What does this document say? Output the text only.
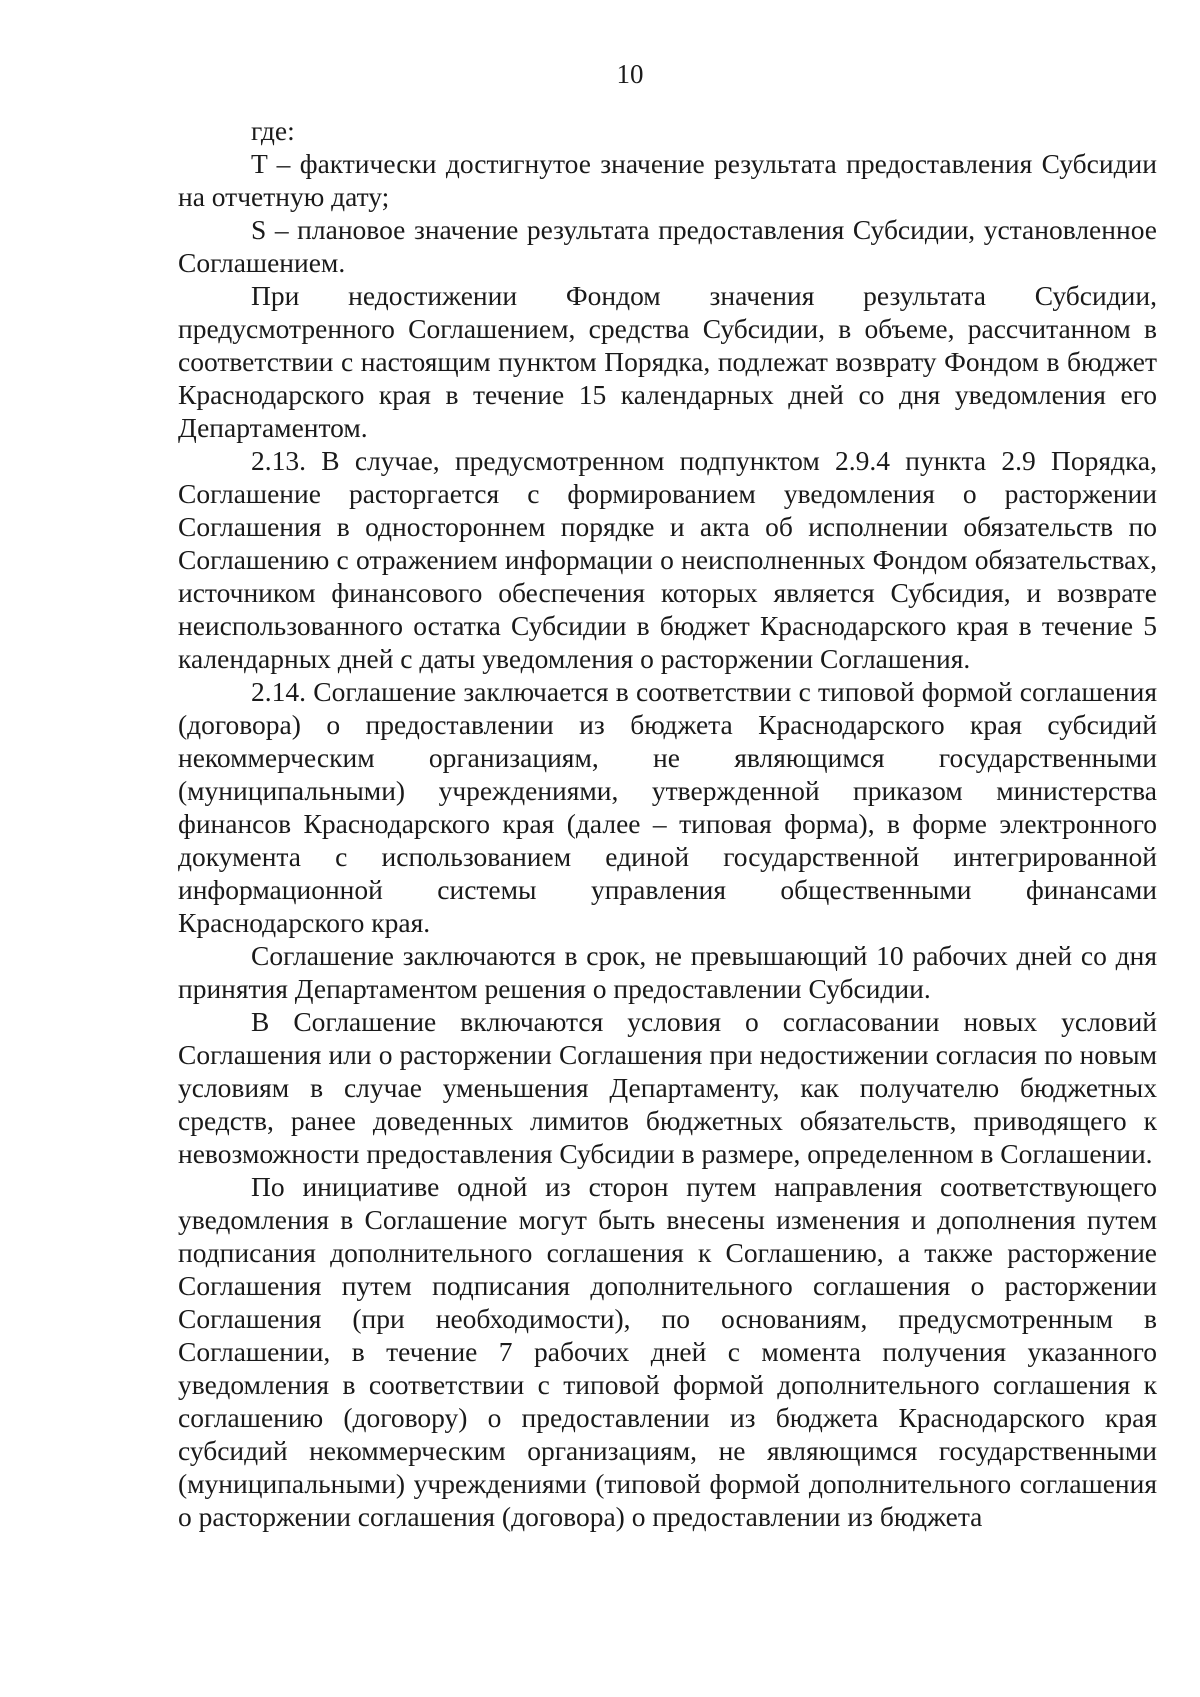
10

где:

T – фактически достигнутое значение результата предоставления Субсидии на отчетную дату;

S – плановое значение результата предоставления Субсидии, установленное Соглашением.

При недостижении Фондом значения результата Субсидии, предусмотренного Соглашением, средства Субсидии, в объеме, рассчитанном в соответствии с настоящим пунктом Порядка, подлежат возврату Фондом в бюджет Краснодарского края в течение 15 календарных дней со дня уведомления его Департаментом.

2.13. В случае, предусмотренном подпунктом 2.9.4 пункта 2.9 Порядка, Соглашение расторгается с формированием уведомления о расторжении Соглашения в одностороннем порядке и акта об исполнении обязательств по Соглашению с отражением информации о неисполненных Фондом обязательствах, источником финансового обеспечения которых является Субсидия, и возврате неиспользованного остатка Субсидии в бюджет Краснодарского края в течение 5 календарных дней с даты уведомления о расторжении Соглашения.

2.14. Соглашение заключается в соответствии с типовой формой соглашения (договора) о предоставлении из бюджета Краснодарского края субсидий некоммерческим организациям, не являющимся государственными (муниципальными) учреждениями, утвержденной приказом министерства финансов Краснодарского края (далее – типовая форма), в форме электронного документа с использованием единой государственной интегрированной информационной системы управления общественными финансами Краснодарского края.

Соглашение заключаются в срок, не превышающий 10 рабочих дней со дня принятия Департаментом решения о предоставлении Субсидии.

В Соглашение включаются условия о согласовании новых условий Соглашения или о расторжении Соглашения при недостижении согласия по новым условиям в случае уменьшения Департаменту, как получателю бюджетных средств, ранее доведенных лимитов бюджетных обязательств, приводящего к невозможности предоставления Субсидии в размере, определенном в Соглашении.

По инициативе одной из сторон путем направления соответствующего уведомления в Соглашение могут быть внесены изменения и дополнения путем подписания дополнительного соглашения к Соглашению, а также расторжение Соглашения путем подписания дополнительного соглашения о расторжении Соглашения (при необходимости), по основаниям, предусмотренным в Соглашении, в течение 7 рабочих дней с момента получения указанного уведомления в соответствии с типовой формой дополнительного соглашения к соглашению (договору) о предоставлении из бюджета Краснодарского края субсидий некоммерческим организациям, не являющимся государственными (муниципальными) учреждениями (типовой формой дополнительного соглашения о расторжении соглашения (договора) о предоставлении из бюджета
